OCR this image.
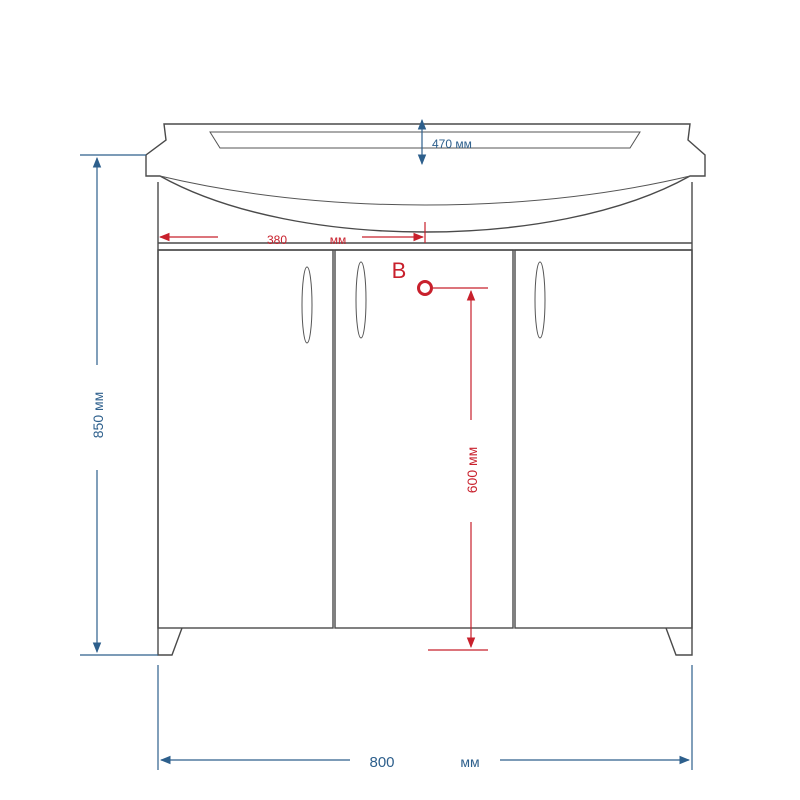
470 мм
850 мм
800	мм
380	мм
В
600 мм
